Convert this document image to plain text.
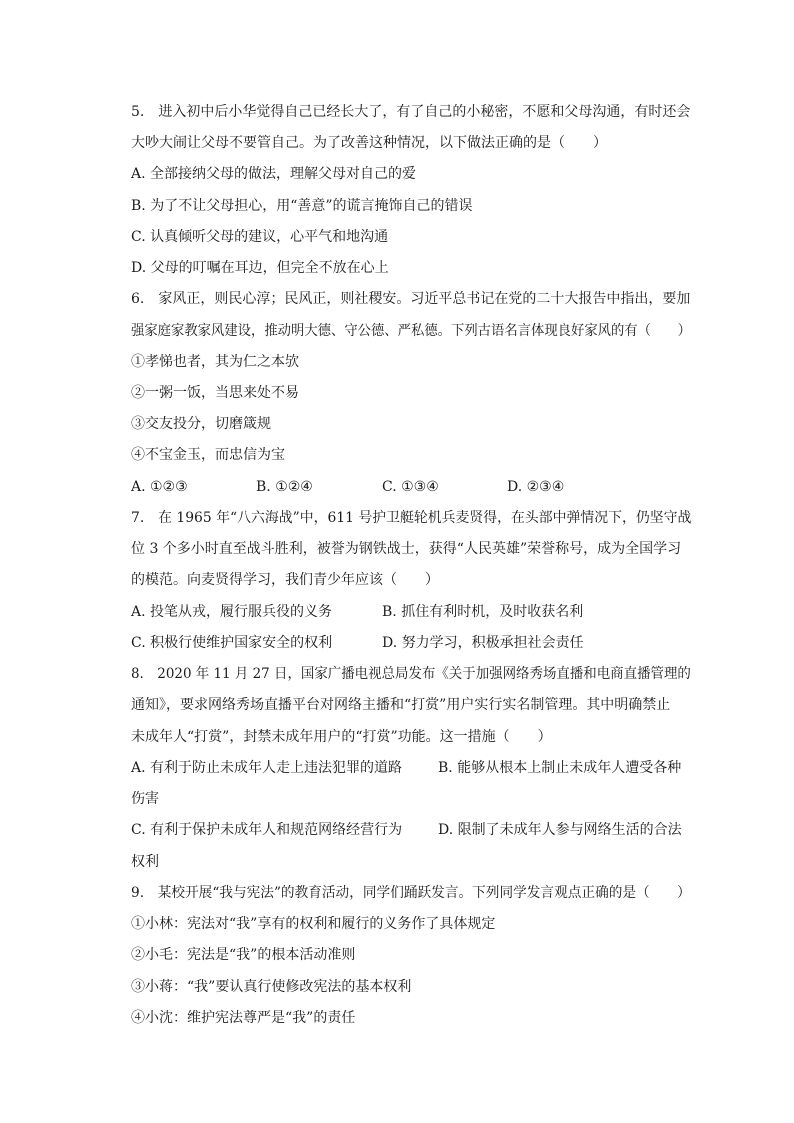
5.　进入初中后小华觉得自己已经长大了，有了自己的小秘密，不愿和父母沟通，有时还会
大吵大闹让父母不要管自己。为了改善这种情况，以下做法正确的是（　　）
A. 全部接纳父母的做法，理解父母对自己的爱
B. 为了不让父母担心，用“善意”的谎言掩饰自己的错误
C. 认真倾听父母的建议，心平气和地沟通
D. 父母的叮嘱在耳边，但完全不放在心上
6.　家风正，则民心淳；民风正，则社稷安。习近平总书记在党的二十大报告中指出，要加
强家庭家教家风建设，推动明大德、守公德、严私德。下列古语名言体现良好家风的有（　　）
①孝悌也者，其为仁之本欤
②一粥一饭，当思来处不易
③交友投分，切磨箴规
④不宝金玉，而忠信为宝
A. ①②③	B. ①②④	C. ①③④	D. ②③④
7.　在 1965 年“八六海战”中，611 号护卫艇轮机兵麦贤得，在头部中弹情况下，仍坚守战
位 3 个多小时直至战斗胜利，被誉为钢铁战士，获得“人民英雄”荣誉称号，成为全国学习
的模范。向麦贤得学习，我们青少年应该（　　）
A. 投笔从戎，履行服兵役的义务	B. 抓住有利时机，及时收获名利
C. 积极行使维护国家安全的权利	D. 努力学习，积极承担社会责任
8.　2020 年 11 月 27 日，国家广播电视总局发布《关于加强网络秀场直播和电商直播管理的
通知》，要求网络秀场直播平台对网络主播和“打赏”用户实行实名制管理。其中明确禁止
未成年人“打赏”，封禁未成年用户的“打赏”功能。这一措施（　　）
A. 有利于防止未成年人走上违法犯罪的道路	B. 能够从根本上制止未成年人遭受各种
伤害
C. 有利于保护未成年人和规范网络经营行为	D. 限制了未成年人参与网络生活的合法
权利
9.　某校开展“我与宪法”的教育活动，同学们踊跃发言。下列同学发言观点正确的是（　　）
①小林：宪法对“我”享有的权利和履行的义务作了具体规定
②小毛：宪法是“我”的根本活动准则
③小蒋：“我”要认真行使修改宪法的基本权利
④小沈：维护宪法尊严是“我”的责任
